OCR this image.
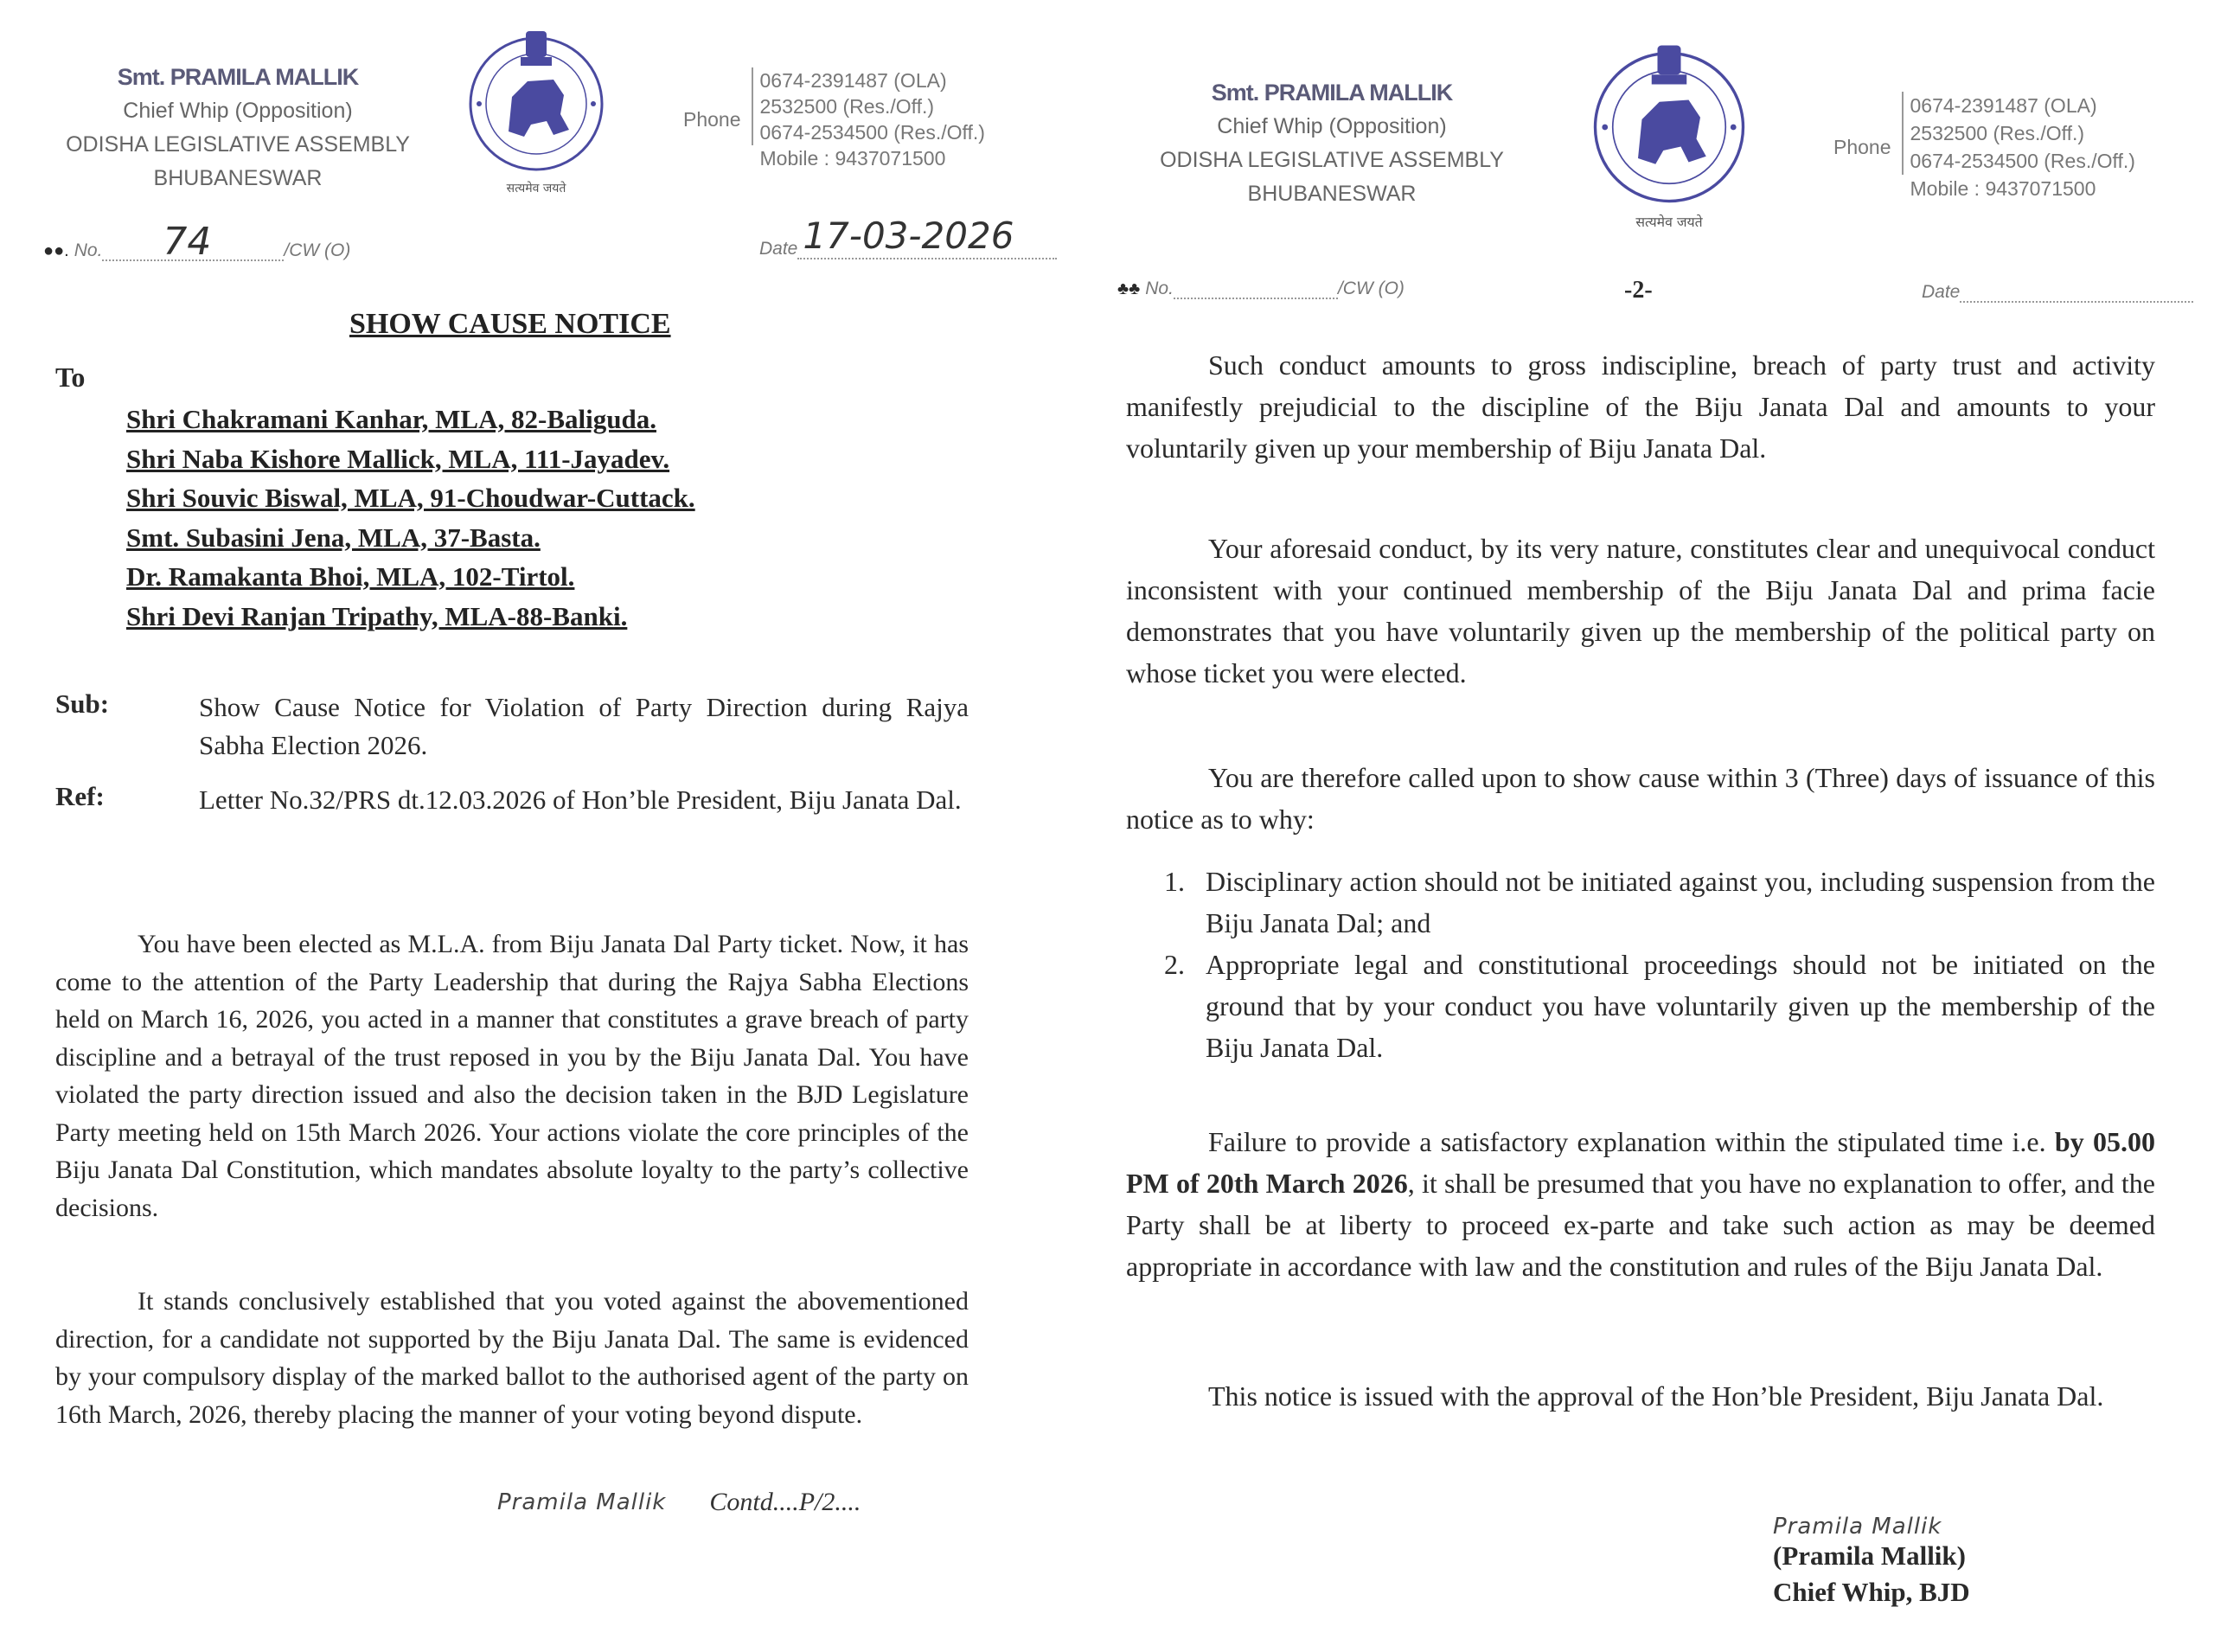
Smt. PRAMILA MALLIK
Chief Whip (Opposition)
ODISHA LEGISLATIVE ASSEMBLY
BHUBANESWAR	सत्यमेव जयते
Phone
0674-2391487 (OLA)
2532500 (Res./Off.)
0674-2534500 (Res./Off.)
Mobile : 9437071500
●●. No. 74	/CW (O)	Date 17-03-2026
SHOW CAUSE NOTICE
To
Shri Chakramani Kanhar, MLA, 82-Baliguda.
Shri Naba Kishore Mallick, MLA, 111-Jayadev.
Shri Souvic Biswal, MLA, 91-Choudwar-Cuttack.
Smt. Subasini Jena, MLA, 37-Basta.
Dr. Ramakanta Bhoi, MLA, 102-Tirtol.
Shri Devi Ranjan Tripathy, MLA-88-Banki.
Sub:	Show Cause Notice for Violation of Party Direction during Rajya Sabha Election 2026.
Ref:	Letter No.32/PRS dt.12.03.2026 of Hon’ble President, Biju Janata Dal.
You have been elected as M.L.A. from Biju Janata Dal Party ticket. Now, it has come to the attention of the Party Leadership that during the Rajya Sabha Elections held on March 16, 2026, you acted in a manner that constitutes a grave breach of party discipline and a betrayal of the trust reposed in you by the Biju Janata Dal. You have violated the party direction issued and also the decision taken in the BJD Legislature Party meeting held on 15th March 2026. Your actions violate the core principles of the Biju Janata Dal Constitution, which mandates absolute loyalty to the party’s collective decisions.
It stands conclusively established that you voted against the abovementioned direction, for a candidate not supported by the Biju Janata Dal. The same is evidenced by your compulsory display of the marked ballot to the authorised agent of the party on 16th March, 2026, thereby placing the manner of your voting beyond dispute.
Pramila Mallik Contd....P/2....
Smt. PRAMILA MALLIK
Chief Whip (Opposition)
ODISHA LEGISLATIVE ASSEMBLY
BHUBANESWAR
सत्यमेव जयते
Phone
0674-2391487 (OLA)
2532500 (Res./Off.)
0674-2534500 (Res./Off.)
Mobile : 9437071500
♣♣ No.	/CW (O)	-2-	Date
Such conduct amounts to gross indiscipline, breach of party trust and activity manifestly prejudicial to the discipline of the Biju Janata Dal and amounts to your voluntarily given up your membership of Biju Janata Dal.
Your aforesaid conduct, by its very nature, constitutes clear and unequivocal conduct inconsistent with your continued membership of the Biju Janata Dal and prima facie demonstrates that you have voluntarily given up the membership of the political party on whose ticket you were elected.
You are therefore called upon to show cause within 3 (Three) days of issuance of this notice as to why:
1. Disciplinary action should not be initiated against you, including suspension from the Biju Janata Dal; and
2. Appropriate legal and constitutional proceedings should not be initiated on the ground that by your conduct you have voluntarily given up the membership of the Biju Janata Dal.
Failure to provide a satisfactory explanation within the stipulated time i.e. by 05.00 PM of 20th March 2026, it shall be presumed that you have no explanation to offer, and the Party shall be at liberty to proceed ex-parte and take such action as may be deemed appropriate in accordance with law and the constitution and rules of the Biju Janata Dal.
This notice is issued with the approval of the Hon’ble President, Biju Janata Dal.
Pramila Mallik
(Pramila Mallik)
Chief Whip, BJD
